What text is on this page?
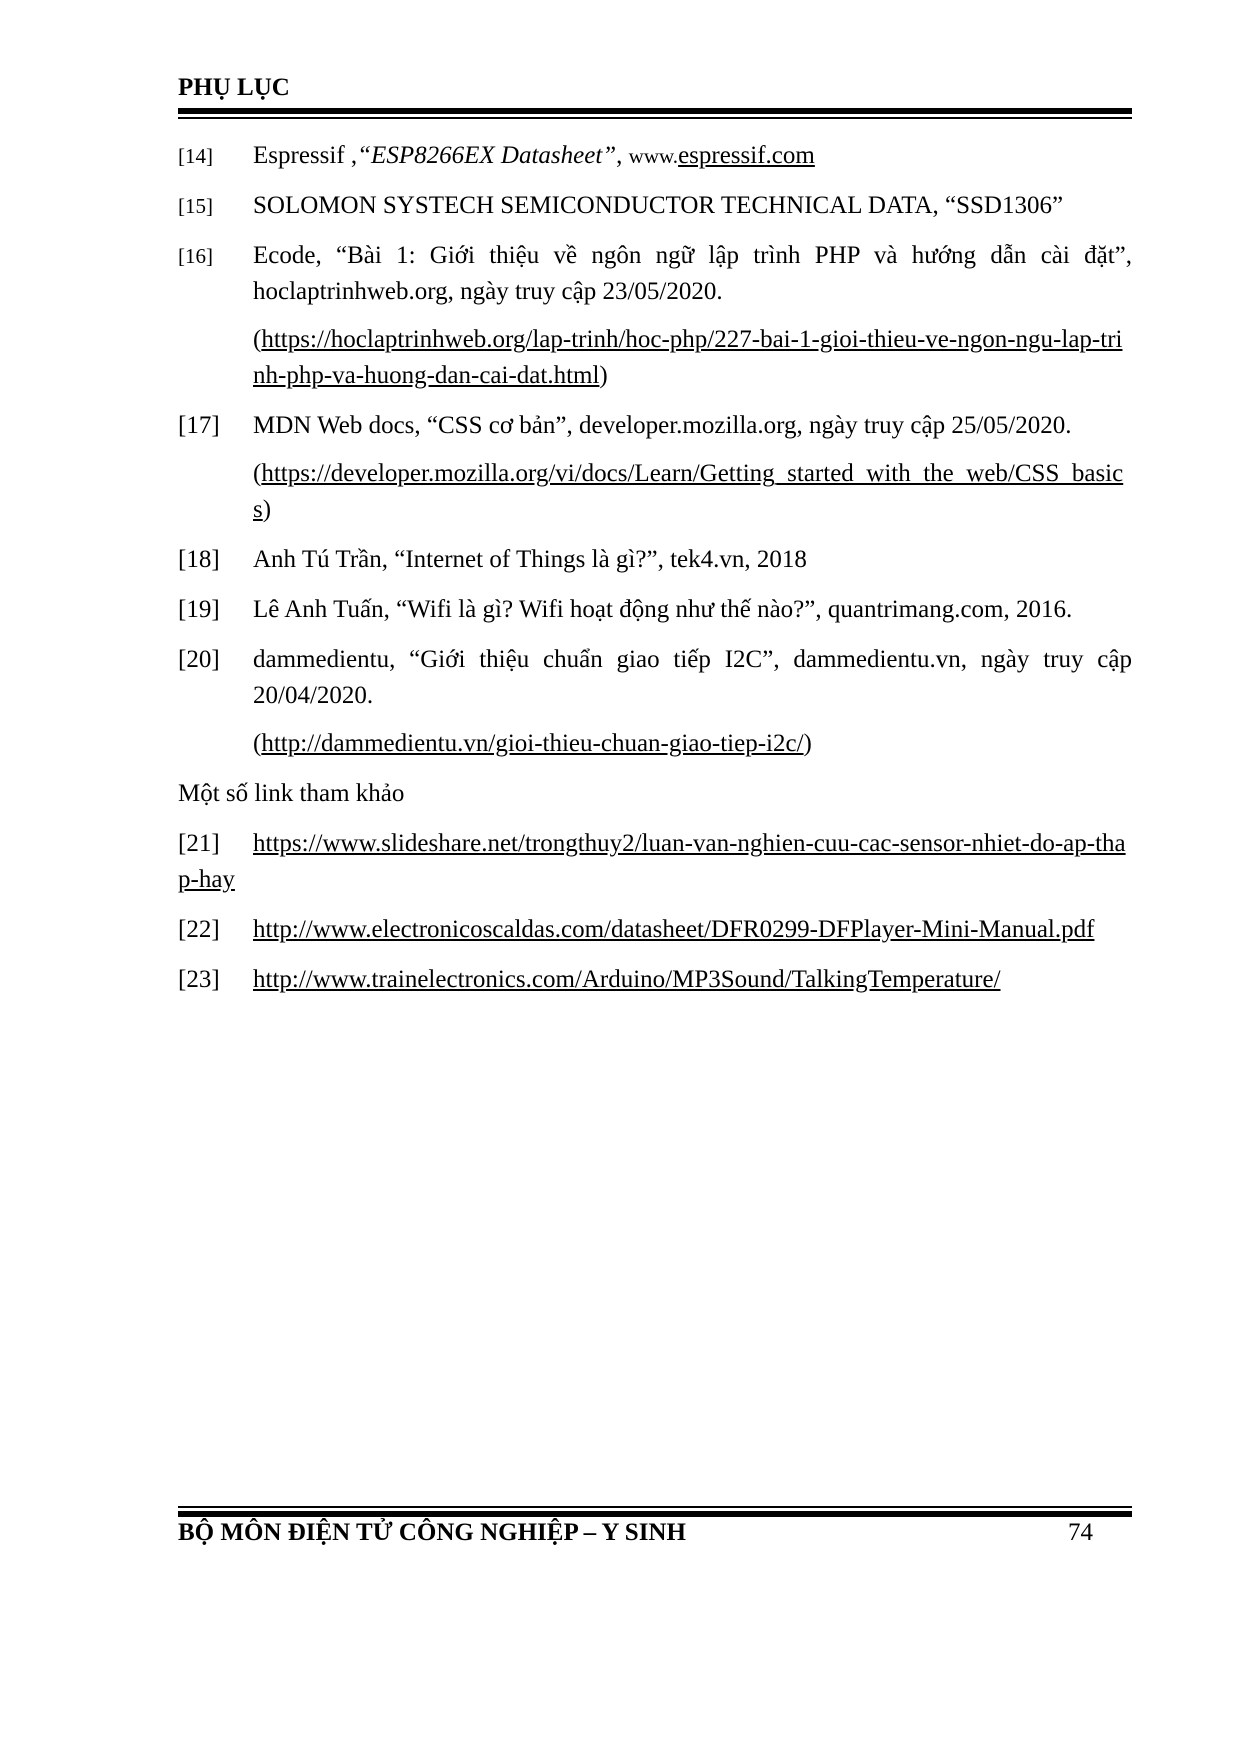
PHỤ LỤC
[14]	Espressif ,“ESP8266EX Datasheet”, www.espressif.com
[15]	SOLOMON SYSTECH SEMICONDUCTOR TECHNICAL DATA, “SSD1306”
[16]	Ecode, “Bài 1: Giới thiệu về ngôn ngữ lập trình PHP và hướng dẫn cài đặt”, hoclaptrinhweb.org, ngày truy cập 23/05/2020.
(https://hoclaptrinhweb.org/lap-trinh/hoc-php/227-bai-1-gioi-thieu-ve-ngon-ngu-lap-trinh-php-va-huong-dan-cai-dat.html)
[17]	MDN Web docs, “CSS cơ bản”, developer.mozilla.org, ngày truy cập 25/05/2020.
(https://developer.mozilla.org/vi/docs/Learn/Getting_started_with_the_web/CSS_basics)
[18]	Anh Tú Trần, “Internet of Things là gì?”, tek4.vn, 2018
[19]	Lê Anh Tuấn, “Wifi là gì? Wifi hoạt động như thế nào?”, quantrimang.com, 2016.
[20]	dammedientu, “Giới thiệu chuẩn giao tiếp I2C”, dammedientu.vn, ngày truy cập 20/04/2020.
(http://dammedientu.vn/gioi-thieu-chuan-giao-tiep-i2c/)
Một số link tham khảo
[21] https://www.slideshare.net/trongthuy2/luan-van-nghien-cuu-cac-sensor-nhiet-do-ap-thap-hay
[22] http://www.electronicoscaldas.com/datasheet/DFR0299-DFPlayer-Mini-Manual.pdf
[23] http://www.trainelectronics.com/Arduino/MP3Sound/TalkingTemperature/
BỘ MÔN ĐIỆN TỬ CÔNG NGHIỆP – Y SINH	74
